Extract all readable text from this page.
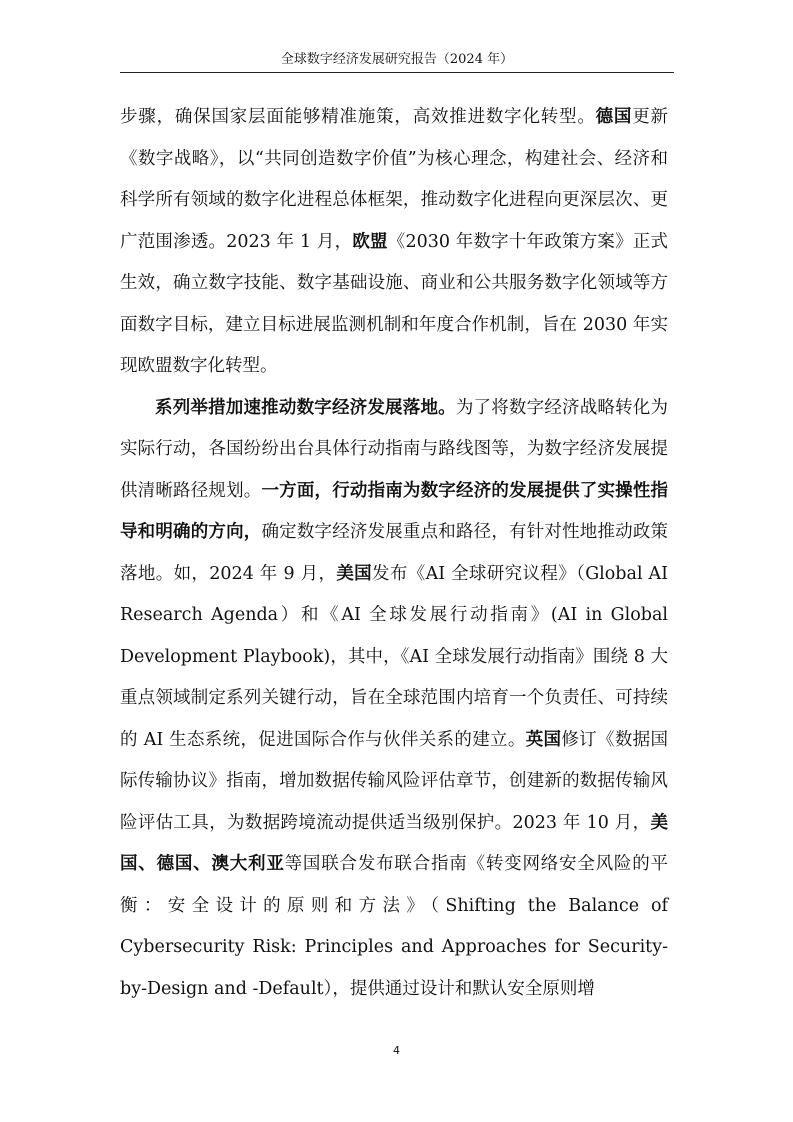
全球数字经济发展研究报告（2024 年）

步骤，确保国家层面能够精准施策，高效推进数字化转型。德国更新《数字战略》，以“共同创造数字价值”为核心理念，构建社会、经济和科学所有领域的数字化进程总体框架，推动数字化进程向更深层次、更广范围渗透。2023 年 1 月，欧盟《2030 年数字十年政策方案》正式生效，确立数字技能、数字基础设施、商业和公共服务数字化领域等方面数字目标，建立目标进展监测机制和年度合作机制，旨在 2030 年实现欧盟数字化转型。

系列举措加速推动数字经济发展落地。为了将数字经济战略转化为实际行动，各国纷纷出台具体行动指南与路线图等，为数字经济发展提供清晰路径规划。一方面，行动指南为数字经济的发展提供了实操性指导和明确的方向，确定数字经济发展重点和路径，有针对性地推动政策落地。如，2024 年 9 月，美国发布《AI 全球研究议程》（Global AI Research Agenda）和《AI 全球发展行动指南》(AI in Global Development Playbook)，其中，《AI 全球发展行动指南》围绕 8 大重点领域制定系列关键行动，旨在全球范围内培育一个负责任、可持续的 AI 生态系统，促进国际合作与伙伴关系的建立。英国修订《数据国际传输协议》指南，增加数据传输风险评估章节，创建新的数据传输风险评估工具，为数据跨境流动提供适当级别保护。2023 年 10 月，美国、德国、澳大利亚等国联合发布联合指南《转变网络安全风险的平衡：安全设计的原则和方法》（Shifting the Balance of Cybersecurity Risk: Principles and Approaches for Security-by-Design and -Default），提供通过设计和默认安全原则增

4
